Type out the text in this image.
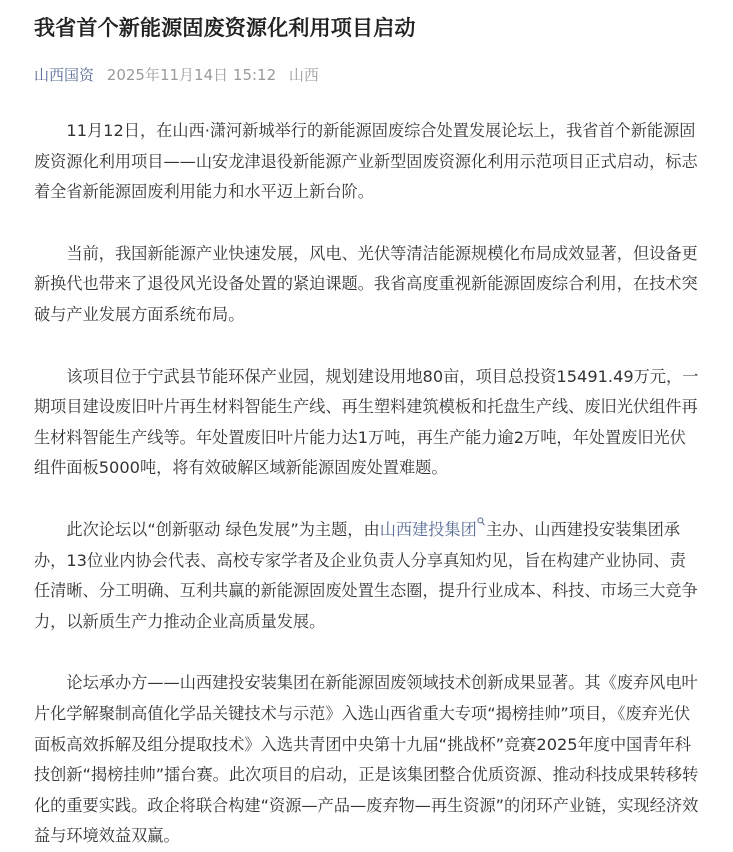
我省首个新能源固废资源化利用项目启动
山西国资 2025年11月14日 15:12 山西

11月12日，在山西·潇河新城举行的新能源固废综合处置发展论坛上，我省首个新能源固废资源化利用项目——山安龙津退役新能源产业新型固废资源化利用示范项目正式启动，标志着全省新能源固废利用能力和水平迈上新台阶。

当前，我国新能源产业快速发展，风电、光伏等清洁能源规模化布局成效显著，但设备更新换代也带来了退役风光设备处置的紧迫课题。我省高度重视新能源固废综合利用，在技术突破与产业发展方面系统布局。

该项目位于宁武县节能环保产业园，规划建设用地80亩，项目总投资15491.49万元，一期项目建设废旧叶片再生材料智能生产线、再生塑料建筑模板和托盘生产线、废旧光伏组件再生材料智能生产线等。年处置废旧叶片能力达1万吨，再生产能力逾2万吨，年处置废旧光伏组件面板5000吨，将有效破解区域新能源固废处置难题。

此次论坛以“创新驱动 绿色发展”为主题，由山西建投集团 主办、山西建投安装集团承办，13位业内协会代表、高校专家学者及企业负责人分享真知灼见，旨在构建产业协同、责任清晰、分工明确、互利共赢的新能源固废处置生态圈，提升行业成本、科技、市场三大竞争力，以新质生产力推动企业高质量发展。

论坛承办方——山西建投安装集团在新能源固废领域技术创新成果显著。其《废弃风电叶片化学解聚制高值化学品关键技术与示范》入选山西省重大专项“揭榜挂帅”项目，《废弃光伏面板高效拆解及组分提取技术》入选共青团中央第十九届“挑战杯”竞赛2025年度中国青年科技创新“揭榜挂帅”擂台赛。此次项目的启动，正是该集团整合优质资源、推动科技成果转移转化的重要实践。政企将联合构建“资源—产品—废弃物—再生资源”的闭环产业链，实现经济效益与环境效益双赢。
